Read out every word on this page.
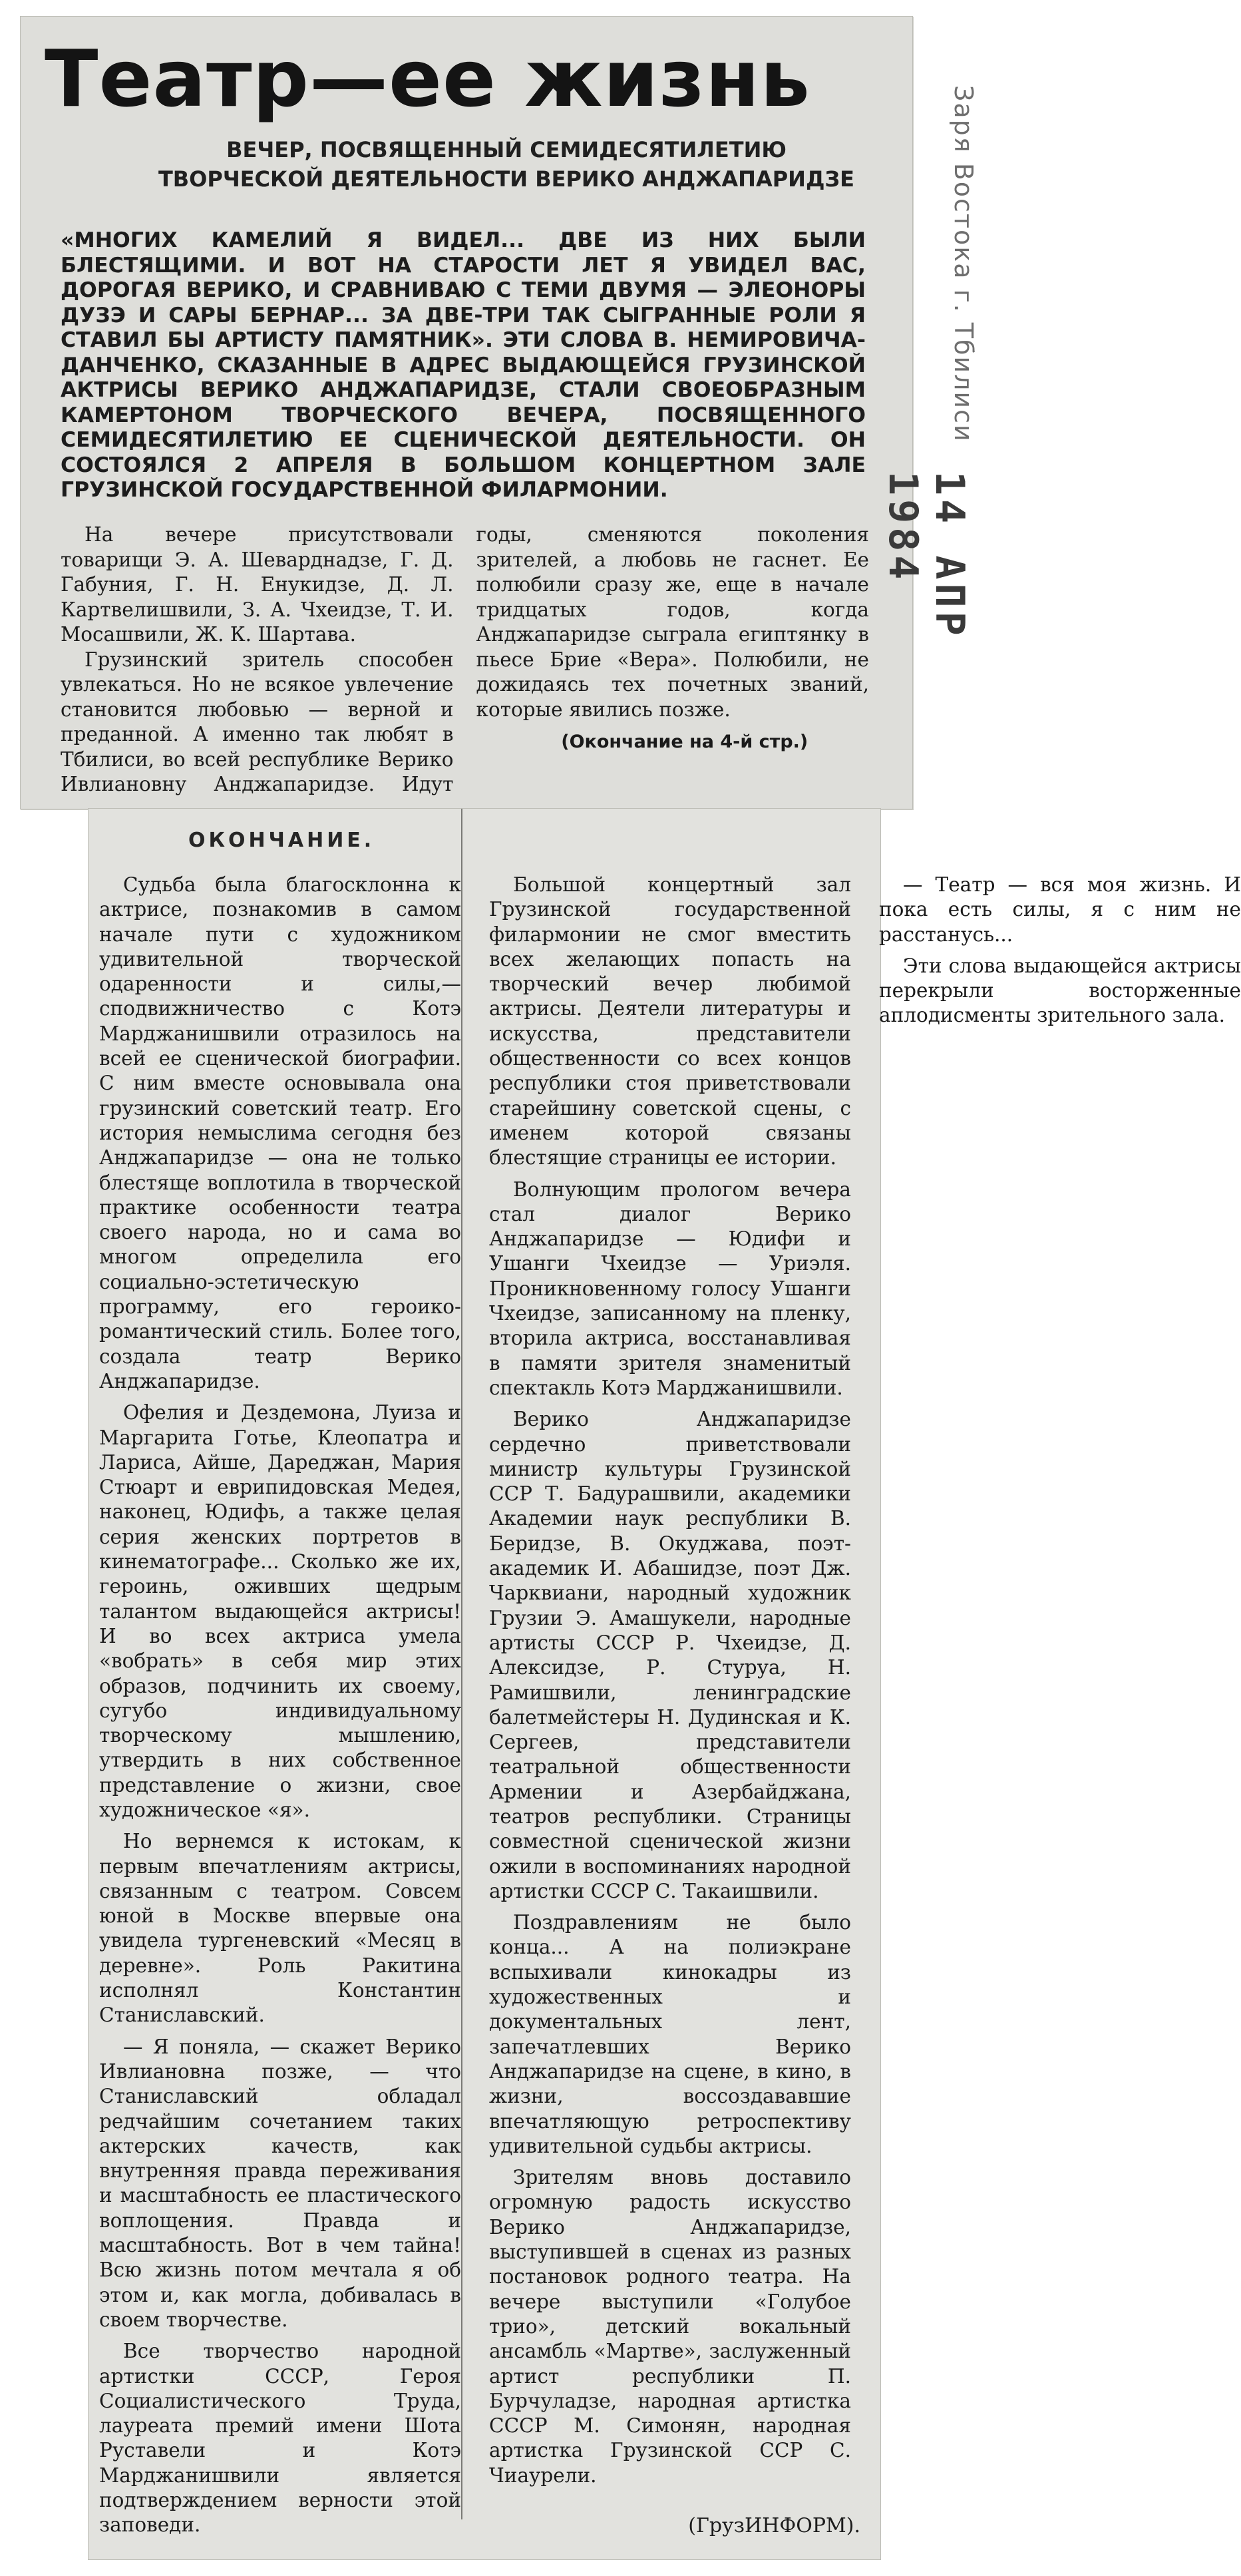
Театр—ее жизнь
ВЕЧЕР, ПОСВЯЩЕННЫЙ СЕМИДЕСЯТИЛЕТИЮ ТВОРЧЕСКОЙ ДЕЯТЕЛЬНОСТИ ВЕРИКО АНДЖАПАРИДЗЕ

«МНОГИХ КАМЕЛИЙ Я ВИДЕЛ... ДВЕ ИЗ НИХ БЫЛИ БЛЕСТЯЩИМИ. И ВОТ НА СТАРОСТИ ЛЕТ Я УВИДЕЛ ВАС, ДОРОГАЯ ВЕРИКО, И СРАВНИВАЮ С ТЕМИ ДВУМЯ — ЭЛЕОНОРЫ ДУЗЭ И САРЫ БЕРНАР... ЗА ДВЕ-ТРИ ТАК СЫГРАННЫЕ РОЛИ Я СТАВИЛ БЫ АРТИСТУ ПАМЯТНИК». ЭТИ СЛОВА В. НЕМИРОВИЧА-ДАНЧЕНКО, СКАЗАННЫЕ В АДРЕС ВЫДАЮЩЕЙСЯ ГРУЗИНСКОЙ АКТРИСЫ ВЕРИКО АНДЖАПАРИДЗЕ, СТАЛИ СВОЕОБРАЗНЫМ КАМЕРТОНОМ ТВОРЧЕСКОГО ВЕЧЕРА, ПОСВЯЩЕННОГО СЕМИДЕСЯТИЛЕТИЮ ЕЕ СЦЕНИЧЕСКОЙ ДЕЯТЕЛЬНОСТИ. ОН СОСТОЯЛСЯ 2 АПРЕЛЯ В БОЛЬШОМ КОНЦЕРТНОМ ЗАЛЕ ГРУЗИНСКОЙ ГОСУДАРСТВЕННОЙ ФИЛАРМОНИИ.

На вечере присутствовали товарищи Э. А. Шеварднадзе, Г. Д. Габуния, Г. Н. Енукидзе, Д. Л. Картвелишвили, З. А. Чхеидзе, Т. И. Мосашвили, Ж. К. Шартава.

Грузинский зритель способен увлекаться. Но не всякое увлечение становится любовью — верной и преданной. А именно так любят в Тбилиси, во всей республике Верико Ивлиановну Анджапаридзе. Идут годы, сменяются поколения зрителей, а любовь не гаснет. Ее полюбили сразу же, еще в начале тридцатых годов, когда Анджапаридзе сыграла египтянку в пьесе Брие «Вера». Полюбили, не дожидаясь тех почетных званий, которые явились позже.

(Окончание на 4-й стр.)

Заря Востока г. Тбилиси
14 АПР 1984
ОКОНЧАНИЕ.

Судьба была благосклонна к актрисе, познакомив в самом начале пути с художником удивительной творческой одаренности и силы,—сподвижничество с Котэ Марджанишвили отразилось на всей ее сценической биографии. С ним вместе основывала она грузинский советский театр. Его история немыслима сегодня без Анджапаридзе — она не только блестяще воплотила в творческой практике особенности театра своего народа, но и сама во многом определила его социально-эстетическую программу, его героико-романтический стиль. Более того, создала театр Верико Анджапаридзе.

Офелия и Дездемона, Луиза и Маргарита Готье, Клеопатра и Лариса, Айше, Дареджан, Мария Стюарт и еврипидовская Медея, наконец, Юдифь, а также целая серия женских портретов в кинематографе... Сколько же их, героинь, оживших щедрым талантом выдающейся актрисы! И во всех актриса умела «вобрать» в себя мир этих образов, подчинить их своему, сугубо индивидуальному творческому мышлению, утвердить в них собственное представление о жизни, свое художническое «я».

Но вернемся к истокам, к первым впечатлениям актрисы, связанным с театром. Совсем юной в Москве впервые она увидела тургеневский «Месяц в деревне». Роль Ракитина исполнял Константин Станиславский.

— Я поняла, — скажет Верико Ивлиановна позже, — что Станиславский обладал редчайшим сочетанием таких актерских качеств, как внутренняя правда переживания и масштабность ее пластического воплощения. Правда и масштабность. Вот в чем тайна! Всю жизнь потом мечтала я об этом и, как могла, добивалась в своем творчестве.

Все творчество народной артистки СССР, Героя Социалистического Труда, лауреата премий имени Шота Руставели и Котэ Марджанишвили является подтверждением верности этой заповеди.

Большой концертный зал Грузинской государственной филармонии не смог вместить всех желающих попасть на творческий вечер любимой актрисы. Деятели литературы и искусства, представители общественности со всех концов республики стоя приветствовали старейшину советской сцены, с именем которой связаны блестящие страницы ее истории.

Волнующим прологом вечера стал диалог Верико Анджапаридзе — Юдифи и Ушанги Чхеидзе — Уриэля. Проникновенному голосу Ушанги Чхеидзе, записанному на пленку, вторила актриса, восстанавливая в памяти зрителя знаменитый спектакль Котэ Марджанишвили.

Верико Анджапаридзе сердечно приветствовали министр культуры Грузинской ССР Т. Бадурашвили, академики Академии наук республики В. Беридзе, В. Окуджава, поэт-академик И. Абашидзе, поэт Дж. Чарквиани, народный художник Грузии Э. Амашукели, народные артисты СССР Р. Чхеидзе, Д. Алексидзе, Р. Стуруа, Н. Рамишвили, ленинградские балетмейстеры Н. Дудинская и К. Сергеев, представители театральной общественности Армении и Азербайджана, театров республики. Страницы совместной сценической жизни ожили в воспоминаниях народной артистки СССР С. Такаишвили.

Поздравлениям не было конца... А на полиэкране вспыхивали кинокадры из художественных и документальных лент, запечатлевших Верико Анджапаридзе на сцене, в кино, в жизни, воссоздававшие впечатляющую ретроспективу удивительной судьбы актрисы.

Зрителям вновь доставило огромную радость искусство Верико Анджапаридзе, выступившей в сценах из разных постановок родного театра. На вечере выступили «Голубое трио», детский вокальный ансамбль «Мартве», заслуженный артист республики П. Бурчуладзе, народная артистка СССР М. Симонян, народная артистка Грузинской ССР С. Чиаурели.

— Театр — вся моя жизнь. И пока есть силы, я с ним не расстанусь...

Эти слова выдающейся актрисы перекрыли восторженные аплодисменты зрительного зала.

(ГрузИНФОРМ).
